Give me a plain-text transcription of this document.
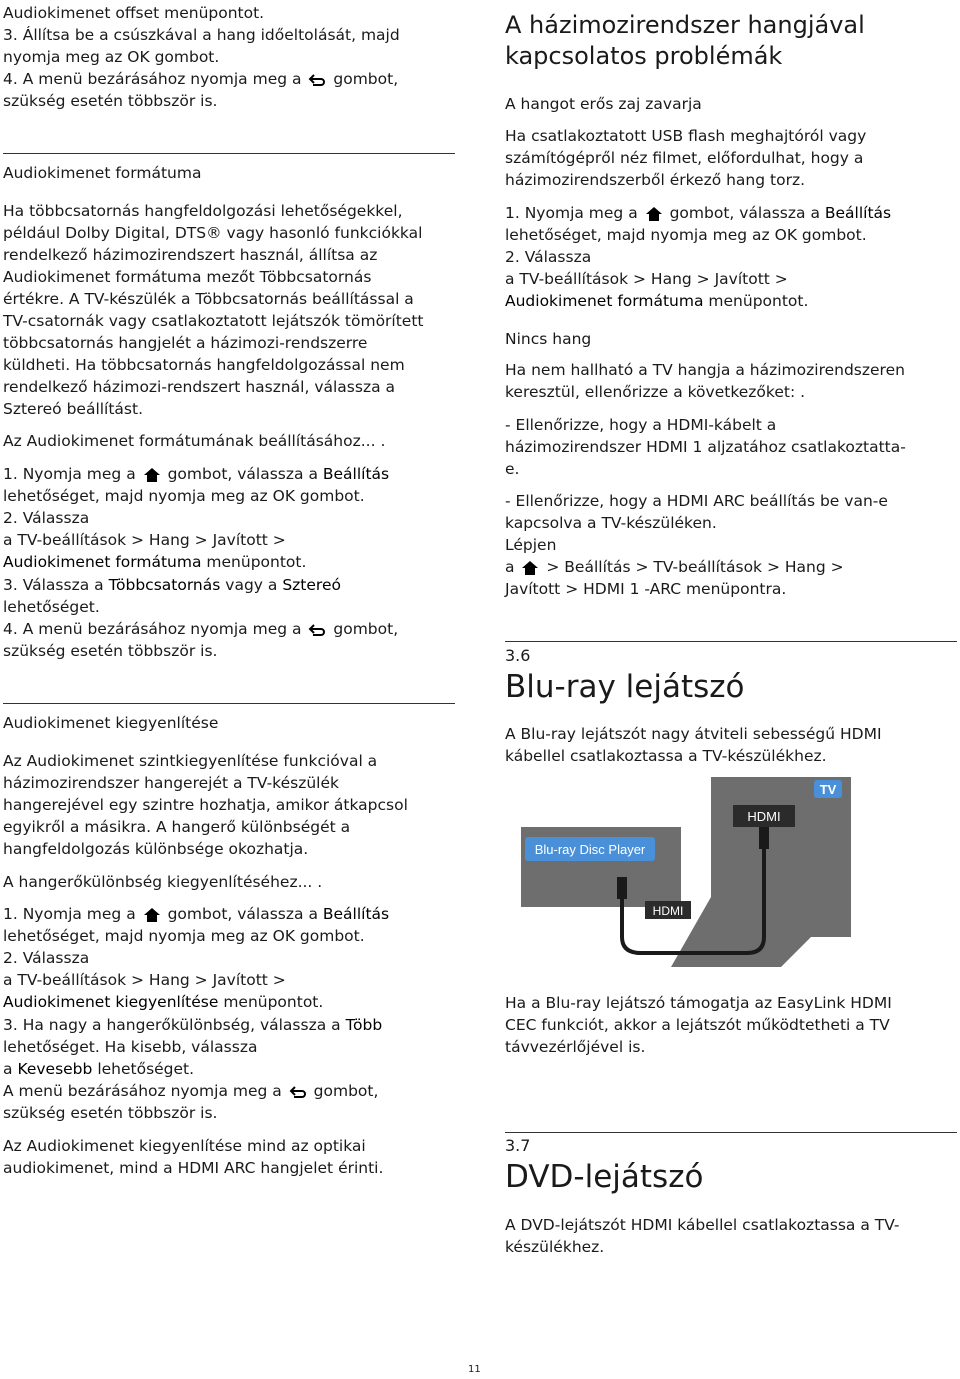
Audiokimenet offset menüpontot.
3. Állítsa be a csúszkával a hang időeltolását, majd
nyomja meg az OK gombot.
4. A menü bezárásához nyomja meg a gombot,
szükség esetén többször is.
Audiokimenet formátuma
Ha többcsatornás hangfeldolgozási lehetőségekkel,
például Dolby Digital, DTS® vagy hasonló funkciókkal
rendelkező házimozirendszert használ, állítsa az
Audiokimenet formátuma mezőt Többcsatornás
értékre. A TV-készülék a Többcsatornás beállítással a
TV-csatornák vagy csatlakoztatott lejátszók tömörített
többcsatornás hangjelét a házimozi-rendszerre
küldheti. Ha többcsatornás hangfeldolgozással nem
rendelkező házimozi-rendszert használ, válassza a
Sztereó beállítást.
Az Audiokimenet formátumának beállításához... .
1. Nyomja meg a gombot, válassza a Beállítás
lehetőséget, majd nyomja meg az OK gombot.
2. Válassza
a TV-beállítások > Hang > Javított >
Audiokimenet formátuma menüpontot.
3. Válassza a Többcsatornás vagy a Sztereó
lehetőséget.
4. A menü bezárásához nyomja meg a gombot,
szükség esetén többször is.
Audiokimenet kiegyenlítése
Az Audiokimenet szintkiegyenlítése funkcióval a
házimozirendszer hangerejét a TV-készülék
hangerejével egy szintre hozhatja, amikor átkapcsol
egyikről a másikra. A hangerő különbségét a
hangfeldolgozás különbsége okozhatja.
A hangerőkülönbség kiegyenlítéséhez... .
1. Nyomja meg a gombot, válassza a Beállítás
lehetőséget, majd nyomja meg az OK gombot.
2. Válassza
a TV-beállítások > Hang > Javított >
Audiokimenet kiegyenlítése menüpontot.
3. Ha nagy a hangerőkülönbség, válassza a Több
lehetőséget. Ha kisebb, válassza
a Kevesebb lehetőséget.
A menü bezárásához nyomja meg a gombot,
szükség esetén többször is.
Az Audiokimenet kiegyenlítése mind az optikai
audiokimenet, mind a HDMI ARC hangjelet érinti.
A házimozirendszer hangjával
kapcsolatos problémák
A hangot erős zaj zavarja
Ha csatlakoztatott USB flash meghajtóról vagy
számítógépről néz filmet, előfordulhat, hogy a
házimozirendszerből érkező hang torz.
1. Nyomja meg a gombot, válassza a Beállítás
lehetőséget, majd nyomja meg az OK gombot.
2. Válassza
a TV-beállítások > Hang > Javított >
Audiokimenet formátuma menüpontot.
Nincs hang
Ha nem hallható a TV hangja a házimozirendszeren
keresztül, ellenőrizze a következőket: .
- Ellenőrizze, hogy a HDMI-kábelt a
házimozirendszer HDMI 1 aljzatához csatlakoztatta-
e.
- Ellenőrizze, hogy a HDMI ARC beállítás be van-e
kapcsolva a TV-készüléken.
Lépjen
a > Beállítás > TV-beállítások > Hang >
Javított > HDMI 1 -ARC menüpontra.
3.6
Blu-ray lejátszó
A Blu-ray lejátszót nagy átviteli sebességű HDMI
kábellel csatlakoztassa a TV-készülékhez.
Ha a Blu-ray lejátszó támogatja az EasyLink HDMI
CEC funkciót, akkor a lejátszót működtetheti a TV
távvezérlőjével is.
3.7
DVD-lejátszó
A DVD-lejátszót HDMI kábellel csatlakoztassa a TV-
készülékhez.
HDMI
TV
Blu-ray Disc Player
HDMI
11
